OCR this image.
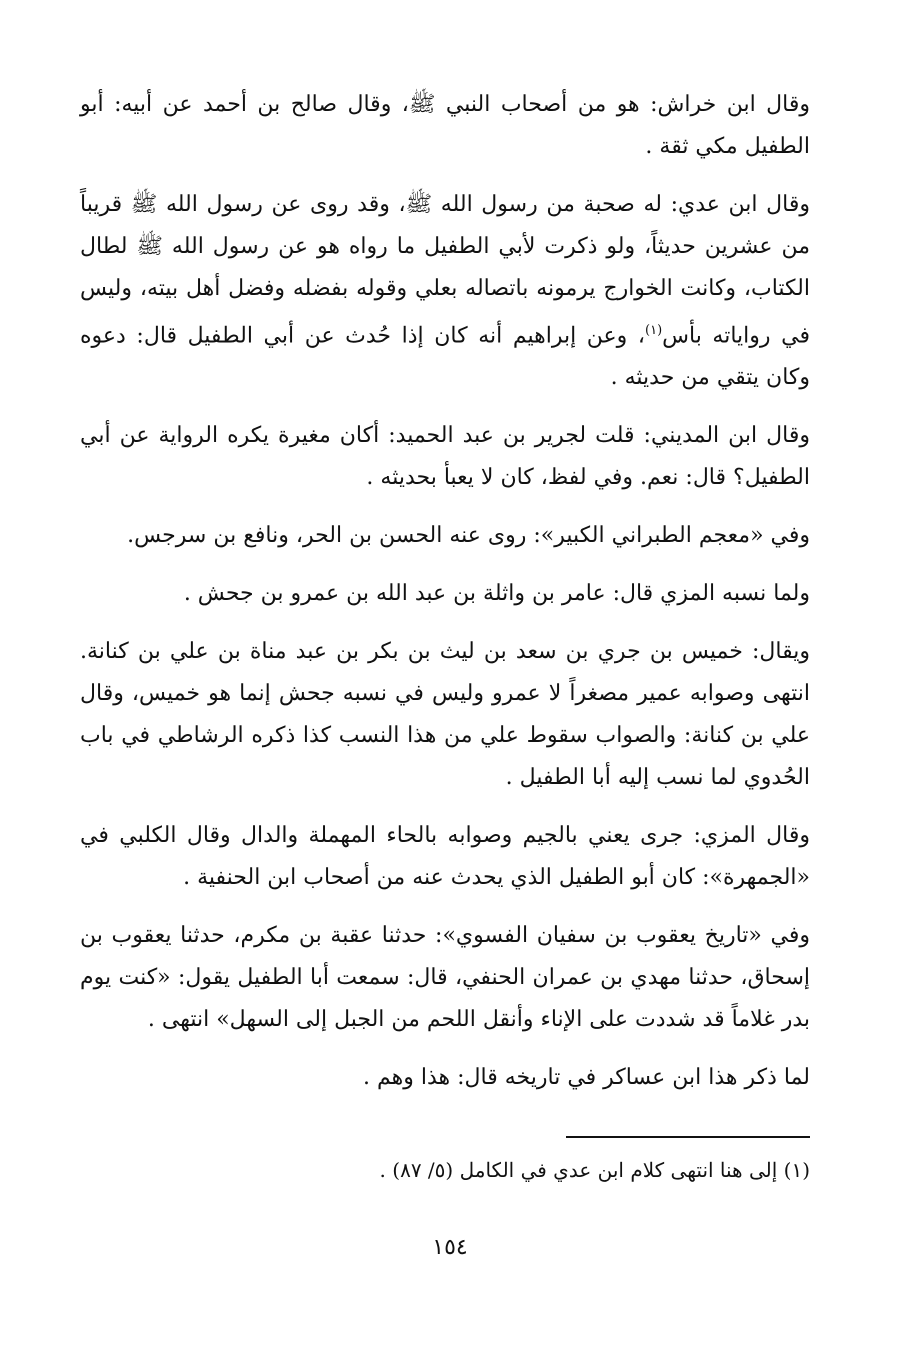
وقال ابن خراش: هو من أصحاب النبي ﷺ، وقال صالح بن أحمد عن أبيه: أبو الطفيل مكي ثقة .

وقال ابن عدي: له صحبة من رسول الله ﷺ، وقد روى عن رسول الله ﷺ قريباً من عشرين حديثاً، ولو ذكرت لأبي الطفيل ما رواه هو عن رسول الله ﷺ لطال الكتاب، وكانت الخوارج يرمونه باتصاله بعلي وقوله بفضله وفضل أهل بيته، وليس في رواياته بأس$^{(١)}$، وعن إبراهيم أنه كان إذا حُدث عن أبي الطفيل قال: دعوه وكان يتقي من حديثه .

وقال ابن المديني: قلت لجرير بن عبد الحميد: أكان مغيرة يكره الرواية عن أبي الطفيل؟ قال: نعم. وفي لفظ، كان لا يعبأ بحديثه .

وفي «معجم الطبراني الكبير»: روى عنه الحسن بن الحر، ونافع بن سرجس.

ولما نسبه المزي قال: عامر بن واثلة بن عبد الله بن عمرو بن جحش .

ويقال: خميس بن جري بن سعد بن ليث بن بكر بن عبد مناة بن علي بن كنانة. انتهى وصوابه عمير مصغراً لا عمرو وليس في نسبه جحش إنما هو خميس، وقال علي بن كنانة: والصواب سقوط علي من هذا النسب كذا ذكره الرشاطي في باب الحُدوي لما نسب إليه أبا الطفيل .

وقال المزي: جرى يعني بالجيم وصوابه بالحاء المهملة والدال وقال الكلبي في «الجمهرة»: كان أبو الطفيل الذي يحدث عنه من أصحاب ابن الحنفية .

وفي «تاريخ يعقوب بن سفيان الفسوي»: حدثنا عقبة بن مكرم، حدثنا يعقوب بن إسحاق، حدثنا مهدي بن عمران الحنفي، قال: سمعت أبا الطفيل يقول: «كنت يوم بدر غلاماً قد شددت على الإناء وأنقل اللحم من الجبل إلى السهل» انتهى .

لما ذكر هذا ابن عساكر في تاريخه قال: هذا وهم .

(١) إلى هنا انتهى كلام ابن عدي في الكامل (٥/ ٨٧) .
١٥٤
